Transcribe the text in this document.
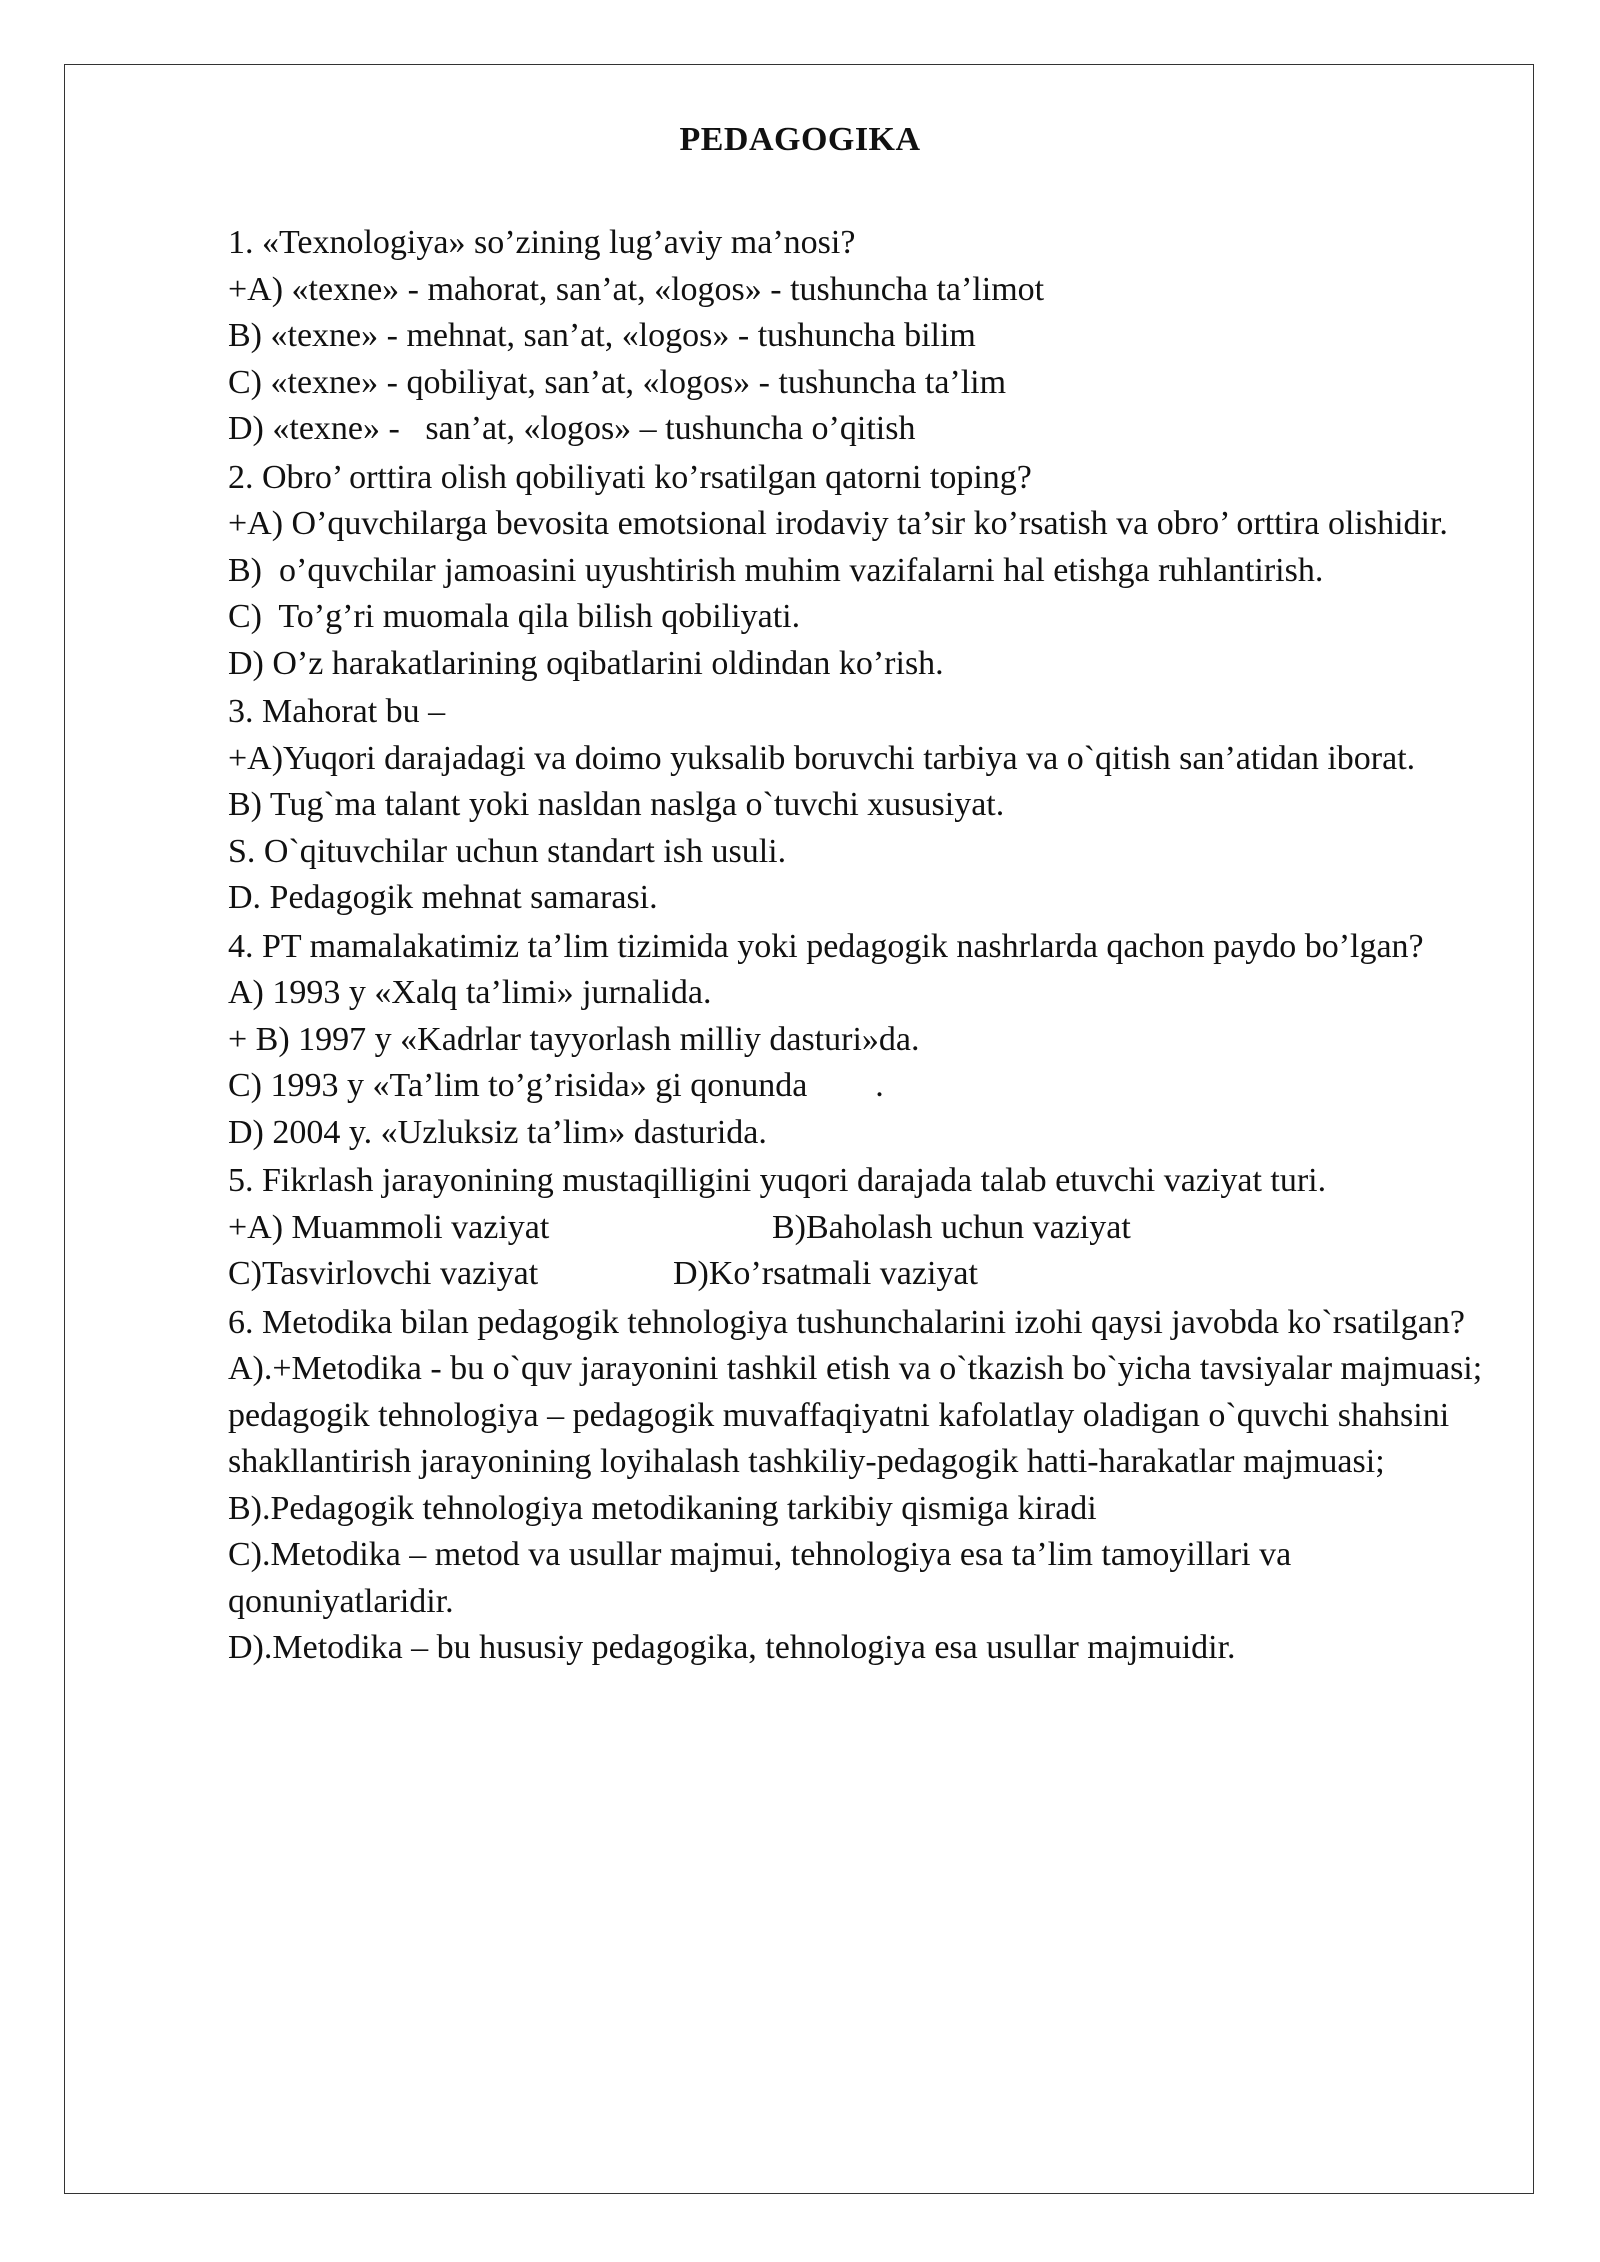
PEDAGOGIKA
1. «Texnologiya» so’zining lug’aviy ma’nosi?
+A) «texne» - mahorat, san’at, «logos» - tushuncha ta’limot
B) «texne» - mehnat, san’at, «logos» - tushuncha bilim
C) «texne» - qobiliyat, san’at, «logos» - tushuncha ta’lim
D) «texne» -   san’at, «logos» – tushuncha o’qitish
2. Obro’ orttira olish qobiliyati ko’rsatilgan qatorni toping?
+A) O’quvchilarga bevosita emotsional irodaviy ta’sir ko’rsatish va obro’ orttira olishidir.
B)  o’quvchilar jamoasini uyushtirish muhim vazifalarni hal etishga ruhlantirish.
C)  To’g’ri muomala qila bilish qobiliyati.
D) O’z harakatlarining oqibatlarini oldindan ko’rish.
3. Mahorat bu –
+A)Yuqori darajadagi va doimo yuksalib boruvchi tarbiya va o`qitish san’atidan iborat.
B) Tug`ma talant yoki nasldan naslga o`tuvchi xususiyat.
S. O`qituvchilar uchun standart ish usuli.
D. Pedagogik mehnat samarasi.
4. PT mamalakatimiz ta’lim tizimida yoki pedagogik nashrlarda qachon paydo bo’lgan?
A) 1993 y «Xalq ta’limi» jurnalida.
+ B) 1997 y «Kadrlar tayyorlash milliy dasturi»da.
C) 1993 y «Ta’lim to’g’risida» gi qonunda        .
D) 2004 y. «Uzluksiz ta’lim» dasturida.
5. Fikrlash jarayonining mustaqilligini yuqori darajada talab etuvchi vaziyat turi.
+A) Muammoli vaziyat	B)Baholash uchun vaziyat
C)Tasvirlovchi vaziyat	D)Ko’rsatmali vaziyat
6. Metodika bilan pedagogik tehnologiya tushunchalarini izohi qaysi javobda ko`rsatilgan?
A).+Metodika - bu o`quv jarayonini tashkil etish va o`tkazish bo`yicha tavsiyalar majmuasi;
pedagogik tehnologiya – pedagogik muvaffaqiyatni kafolatlay oladigan o`quvchi shahsini shakllantirish jarayonining loyihalash tashkiliy-pedagogik hatti-harakatlar majmuasi;
B).Pedagogik tehnologiya metodikaning tarkibiy qismiga kiradi
C).Metodika – metod va usullar majmui, tehnologiya esa ta’lim tamoyillari va qonuniyatlaridir.
D).Metodika – bu hususiy pedagogika, tehnologiya esa usullar majmuidir.
